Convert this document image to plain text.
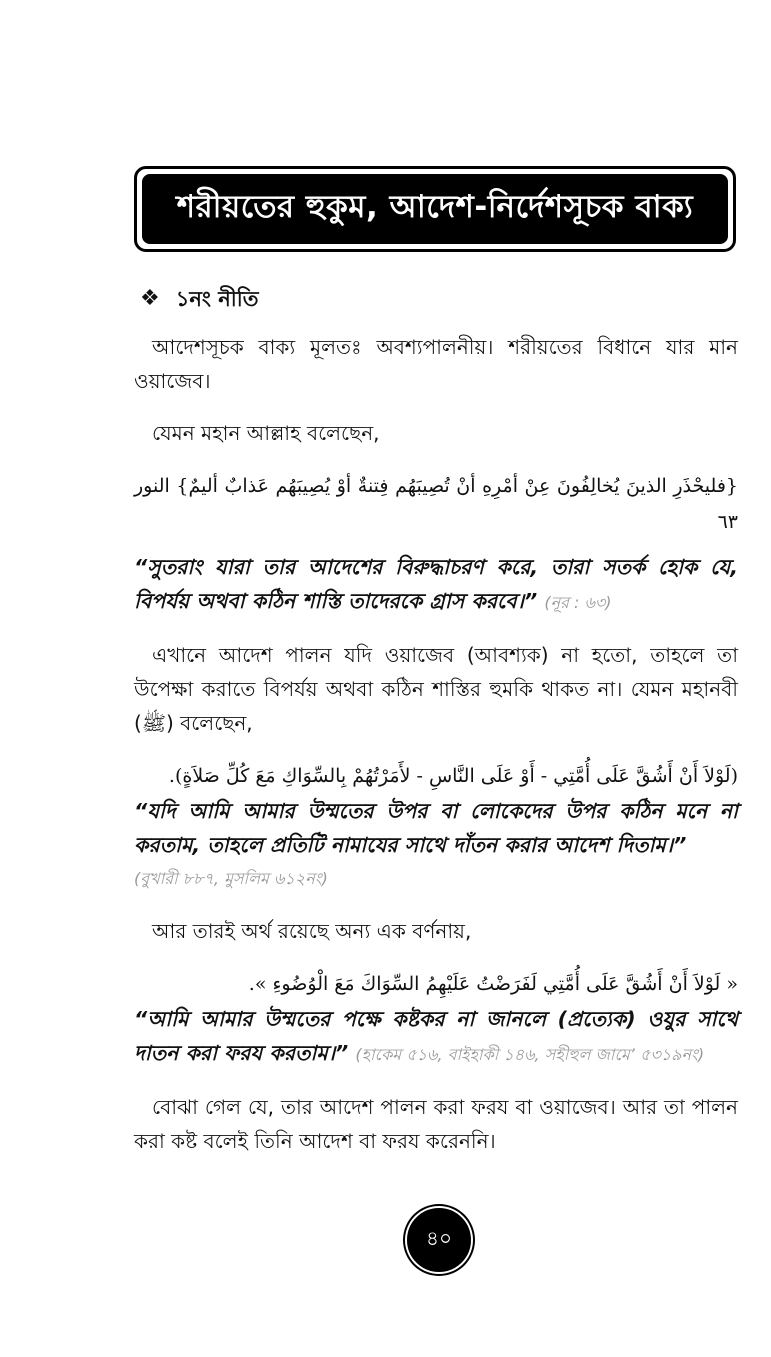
শরীয়তের হুকুম, আদেশ-নির্দেশসূচক বাক্য
❖ ১নং নীতি

আদেশসূচক বাক্য মূলতঃ অবশ্যপালনীয়। শরীয়তের বিধানে যার মান ওয়াজেব।

যেমন মহান আল্লাহ বলেছেন,

{فليحْذَرِ الذينَ يُخالِفُونَ عِنْ أمْرِهِ أنْ تُصِيبَهُم فِتنةٌ أوْ يُصِيبَهُم عَذابٌ أليمٌ} النور ٦٣

“সুতরাং যারা তার আদেশের বিরুদ্ধাচরণ করে, তারা সতর্ক হোক যে, বিপর্যয় অথবা কঠিন শাস্তি তাদেরকে গ্রাস করবে।” (নূর : ৬৩)

এখানে আদেশ পালন যদি ওয়াজেব (আবশ্যক) না হতো, তাহলে তা উপেক্ষা করাতে বিপর্যয় অথবা কঠিন শাস্তির হুমকি থাকত না। যেমন মহানবী (ﷺ) বলেছেন,

(لَوْلاَ أَنْ أَشُقَّ عَلَى أُمَّتِي - أَوْ عَلَى النَّاسِ - لأَمَرْتُهُمْ بِالسِّوَاكِ مَعَ كُلِّ صَلاَةٍ).

“যদি আমি আমার উম্মতের উপর বা লোকেদের উপর কঠিন মনে না করতাম, তাহলে প্রতিটি নামাযের সাথে দাঁতন করার আদেশ দিতাম।”

(বুখারী ৮৮৭, মুসলিম ৬১২নং)

আর তারই অর্থ রয়েছে অন্য এক বর্ণনায়,

« لَوْلاَ أَنْ أَشُقَّ عَلَى أُمَّتِي لَفَرَضْتُ عَلَيْهِمُ السِّوَاكَ مَعَ الْوُضُوءِ ».

“আমি আমার উম্মতের পক্ষে কষ্টকর না জানলে (প্রত্যেক) ওযুর সাথে দাতন করা ফরয করতাম।” (হাকেম ৫১৬, বাইহাকী ১৪৬, সহীহুল জামে’ ৫৩১৯নং)

বোঝা গেল যে, তার আদেশ পালন করা ফরয বা ওয়াজেব। আর তা পালন করা কষ্ট বলেই তিনি আদেশ বা ফরয করেননি।

৪০
